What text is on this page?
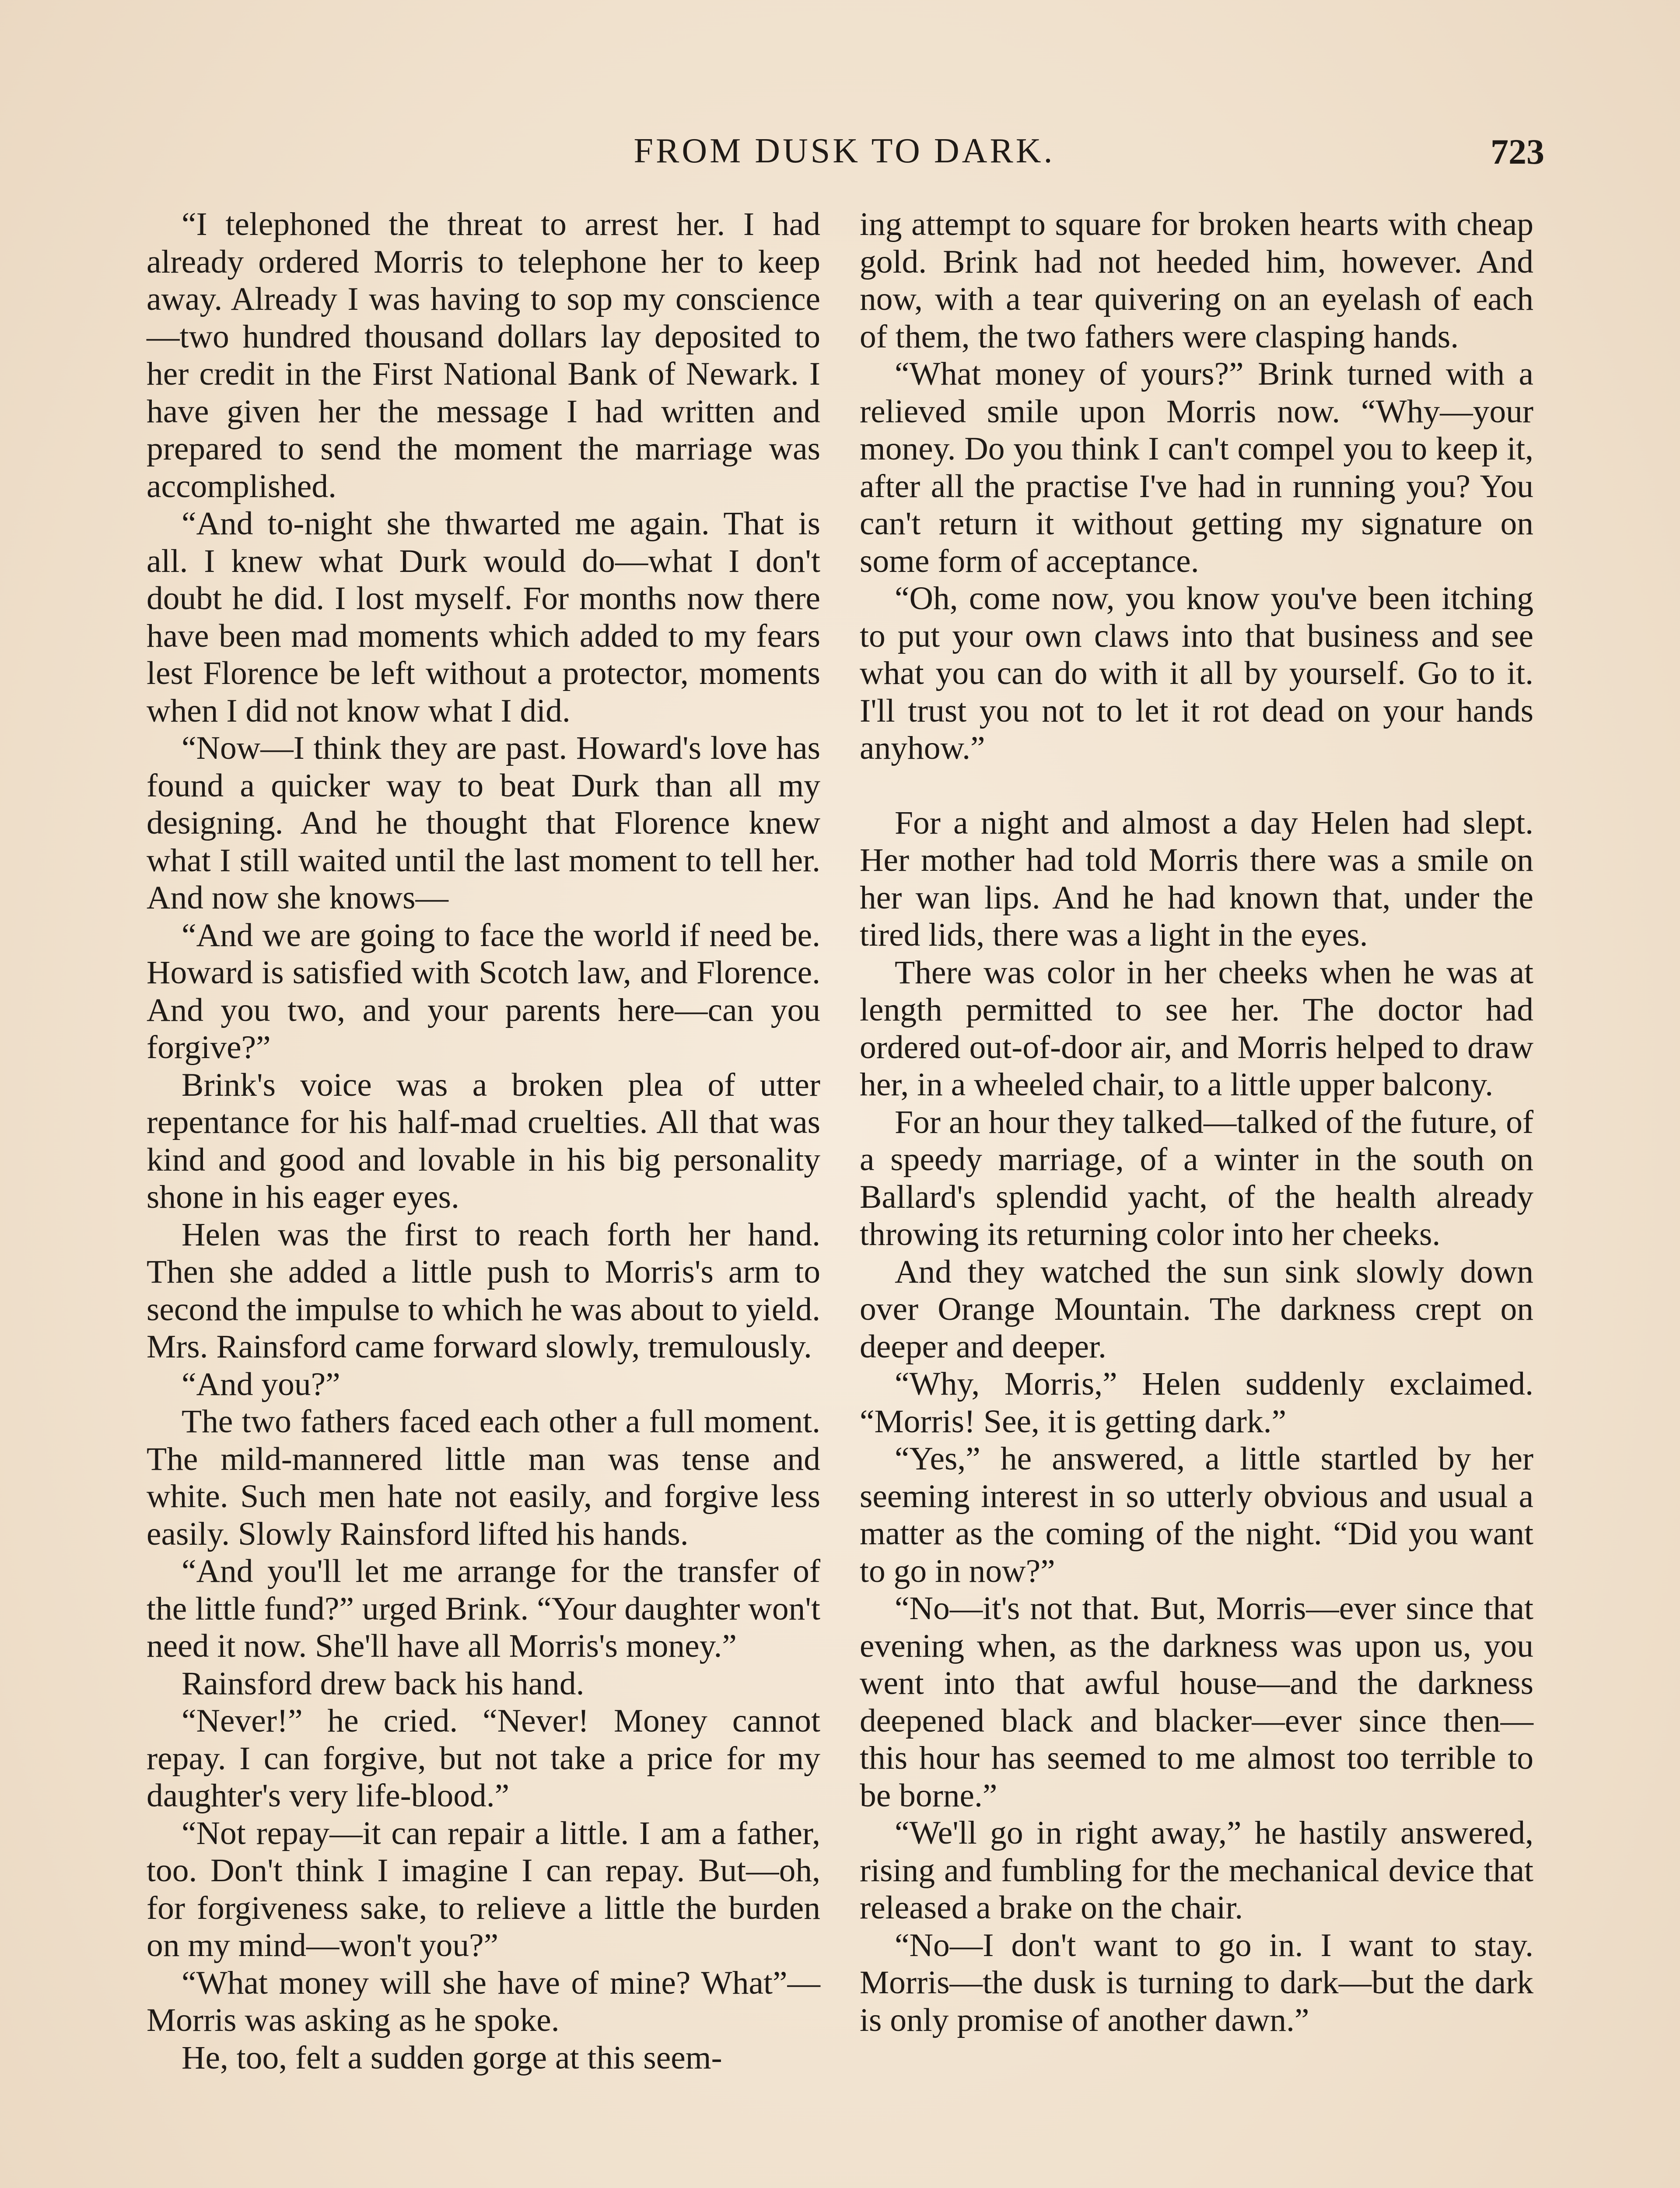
FROM DUSK TO DARK.	723

“I telephoned the threat to arrest her. I had already ordered Morris to telephone her to keep away. Already I was having to sop my conscience—two hundred thousand dollars lay deposited to her credit in the First National Bank of Newark. I have given her the message I had written and prepared to send the moment the marriage was accomplished.

“And to-night she thwarted me again. That is all. I knew what Durk would do—what I don't doubt he did. I lost myself. For months now there have been mad moments which added to my fears lest Florence be left without a protector, moments when I did not know what I did.

“Now—I think they are past. Howard's love has found a quicker way to beat Durk than all my designing. And he thought that Florence knew what I still waited until the last moment to tell her. And now she knows—

“And we are going to face the world if need be. Howard is satisfied with Scotch law, and Florence. And you two, and your parents here—can you forgive?”

Brink's voice was a broken plea of utter repentance for his half-mad cruelties. All that was kind and good and lovable in his big personality shone in his eager eyes.

Helen was the first to reach forth her hand. Then she added a little push to Morris's arm to second the impulse to which he was about to yield. Mrs. Rainsford came forward slowly, tremulously.

“And you?”

The two fathers faced each other a full moment. The mild-mannered little man was tense and white. Such men hate not easily, and forgive less easily. Slowly Rainsford lifted his hands.

“And you'll let me arrange for the transfer of the little fund?” urged Brink. “Your daughter won't need it now. She'll have all Morris's money.”

Rainsford drew back his hand.

“Never!” he cried. “Never! Money cannot repay. I can forgive, but not take a price for my daughter's very life-blood.”

“Not repay—it can repair a little. I am a father, too. Don't think I imagine I can repay. But—oh, for forgiveness sake, to relieve a little the burden on my mind—won't you?”

“What money will she have of mine? What”—Morris was asking as he spoke.

He, too, felt a sudden gorge at this seem-

ing attempt to square for broken hearts with cheap gold. Brink had not heeded him, however. And now, with a tear quivering on an eyelash of each of them, the two fathers were clasping hands.

“What money of yours?” Brink turned with a relieved smile upon Morris now. “Why—your money. Do you think I can't compel you to keep it, after all the practise I've had in running you? You can't return it without getting my signature on some form of acceptance.

“Oh, come now, you know you've been itching to put your own claws into that business and see what you can do with it all by yourself. Go to it. I'll trust you not to let it rot dead on your hands anyhow.”

For a night and almost a day Helen had slept. Her mother had told Morris there was a smile on her wan lips. And he had known that, under the tired lids, there was a light in the eyes.

There was color in her cheeks when he was at length permitted to see her. The doctor had ordered out-of-door air, and Morris helped to draw her, in a wheeled chair, to a little upper balcony.

For an hour they talked—talked of the future, of a speedy marriage, of a winter in the south on Ballard's splendid yacht, of the health already throwing its returning color into her cheeks.

And they watched the sun sink slowly down over Orange Mountain. The darkness crept on deeper and deeper.

“Why, Morris,” Helen suddenly exclaimed. “Morris! See, it is getting dark.”

“Yes,” he answered, a little startled by her seeming interest in so utterly obvious and usual a matter as the coming of the night. “Did you want to go in now?”

“No—it's not that. But, Morris—ever since that evening when, as the darkness was upon us, you went into that awful house—and the darkness deepened black and blacker—ever since then—this hour has seemed to me almost too terrible to be borne.”

“We'll go in right away,” he hastily answered, rising and fumbling for the mechanical device that released a brake on the chair.

“No—I don't want to go in. I want to stay. Morris—the dusk is turning to dark—but the dark is only promise of another dawn.”
